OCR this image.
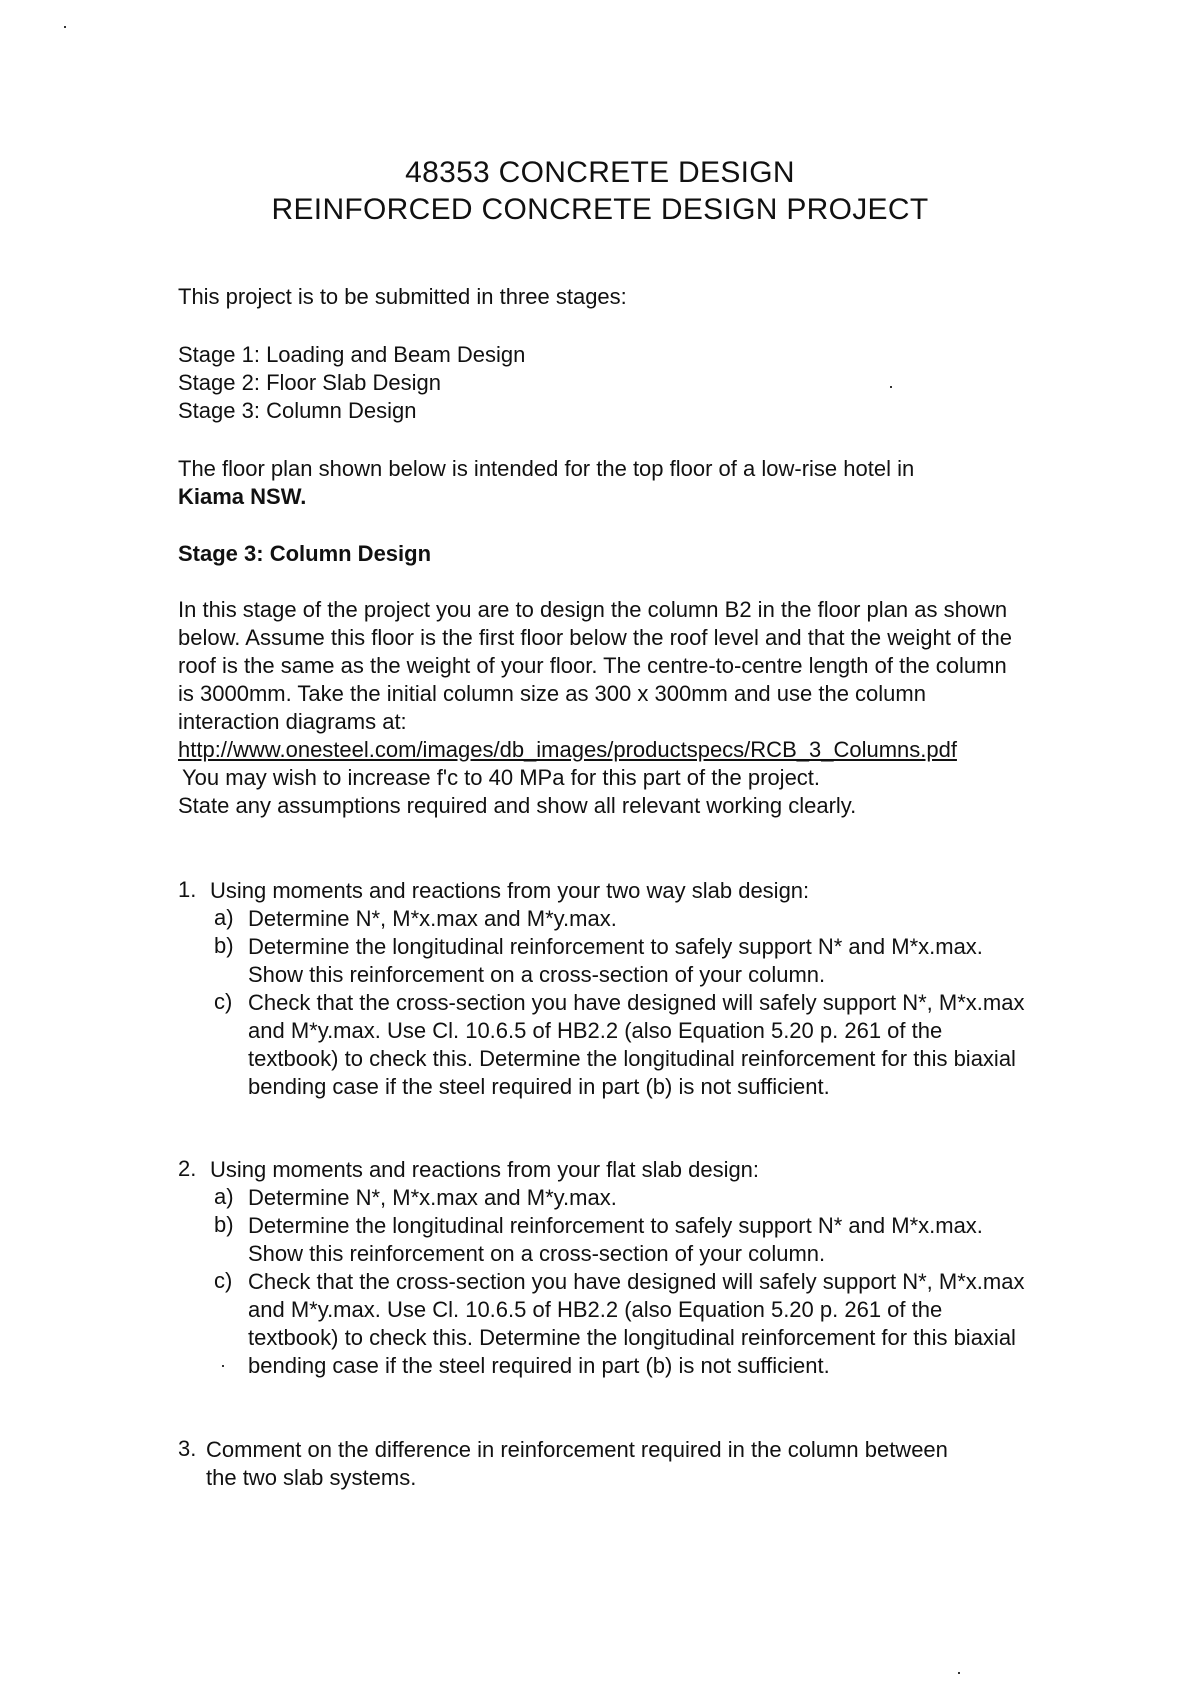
48353 CONCRETE DESIGN
REINFORCED CONCRETE DESIGN PROJECT
This project is to be submitted in three stages:
Stage 1: Loading and Beam Design
Stage 2: Floor Slab Design
Stage 3: Column Design
The floor plan shown below is intended for the top floor of a low-rise hotel in
Kiama NSW.
Stage 3: Column Design

In this stage of the project you are to design the column B2 in the floor plan as shown below. Assume this floor is the first floor below the roof level and that the weight of the roof is the same as the weight of your floor. The centre-to-centre length of the column is 3000mm. Take the initial column size as 300 x 300mm and use the column interaction diagrams at:

http://www.onesteel.com/images/db_images/productspecs/RCB_3_Columns.pdf

You may wish to increase f'c to 40 MPa for this part of the project.

State any assumptions required and show all relevant working clearly.

1. Using moments and reactions from your two way slab design:
a) Determine N*, M*x.max and M*y.max.
b) Determine the longitudinal reinforcement to safely support N* and M*x.max. Show this reinforcement on a cross-section of your column.
c) Check that the cross-section you have designed will safely support N*, M*x.max and M*y.max. Use Cl. 10.6.5 of HB2.2 (also Equation 5.20 p. 261 of the textbook) to check this. Determine the longitudinal reinforcement for this biaxial bending case if the steel required in part (b) is not sufficient.
2. Using moments and reactions from your flat slab design:
a) Determine N*, M*x.max and M*y.max.
b) Determine the longitudinal reinforcement to safely support N* and M*x.max. Show this reinforcement on a cross-section of your column.
c) Check that the cross-section you have designed will safely support N*, M*x.max and M*y.max. Use Cl. 10.6.5 of HB2.2 (also Equation 5.20 p. 261 of the textbook) to check this. Determine the longitudinal reinforcement for this biaxial bending case if the steel required in part (b) is not sufficient.
3. Comment on the difference in reinforcement required in the column between the two slab systems.
